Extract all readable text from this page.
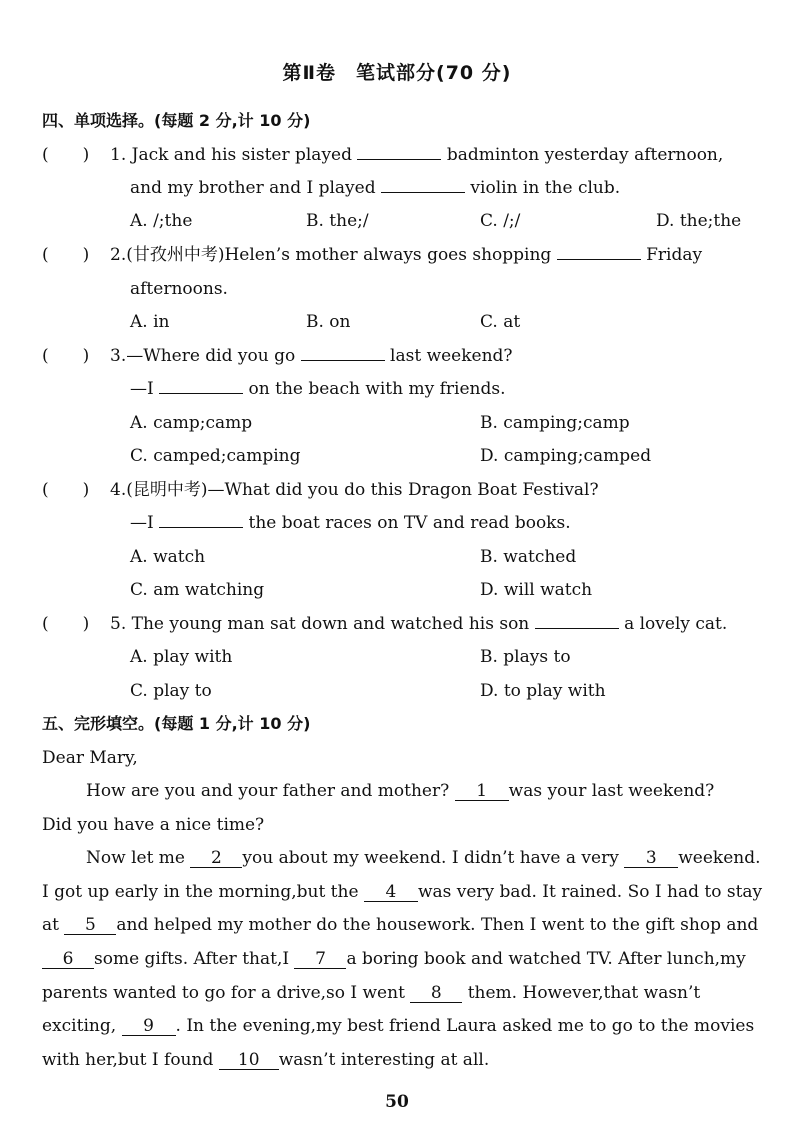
第Ⅱ卷　笔试部分(70 分)
四、单项选择。(每题 2 分,计 10 分)
(　　) 1. Jack and his sister played	badminton yesterday afternoon,
and my brother and I played	violin in the club.
A. /;the	B. the;/	C. /;/	D. the;the
(　　) 2.(甘孜州中考)Helen’s mother always goes shopping	Friday
afternoons.
A. in	B. on	C. at
(　　) 3.—Where did you go	last weekend?
—I	on the beach with my friends.
A. camp;camp	B. camping;camp
C. camped;camping	D. camping;camped
(　　) 4.(昆明中考)—What did you do this Dragon Boat Festival?
—I	the boat races on TV and read books.
A. watch	B. watched
C. am watching	D. will watch
(　　) 5. The young man sat down and watched his son	a lovely cat.
A. play with	B. plays to
C. play to	D. to play with
五、完形填空。(每题 1 分,计 10 分)
Dear Mary,
How are you and your father and mother? 1 was your last weekend?
Did you have a nice time?
Now let me 2 you about my weekend. I didn’t have a very 3 weekend.
I got up early in the morning,but the 4 was very bad. It rained. So I had to stay
at 5 and helped my mother do the housework. Then I went to the gift shop and
6 some gifts. After that,I 7 a boring book and watched TV. After lunch,my
parents wanted to go for a drive,so I went 8 them. However,that wasn’t
exciting, 9 . In the evening,my best friend Laura asked me to go to the movies
with her,but I found 10 wasn’t interesting at all.
50
